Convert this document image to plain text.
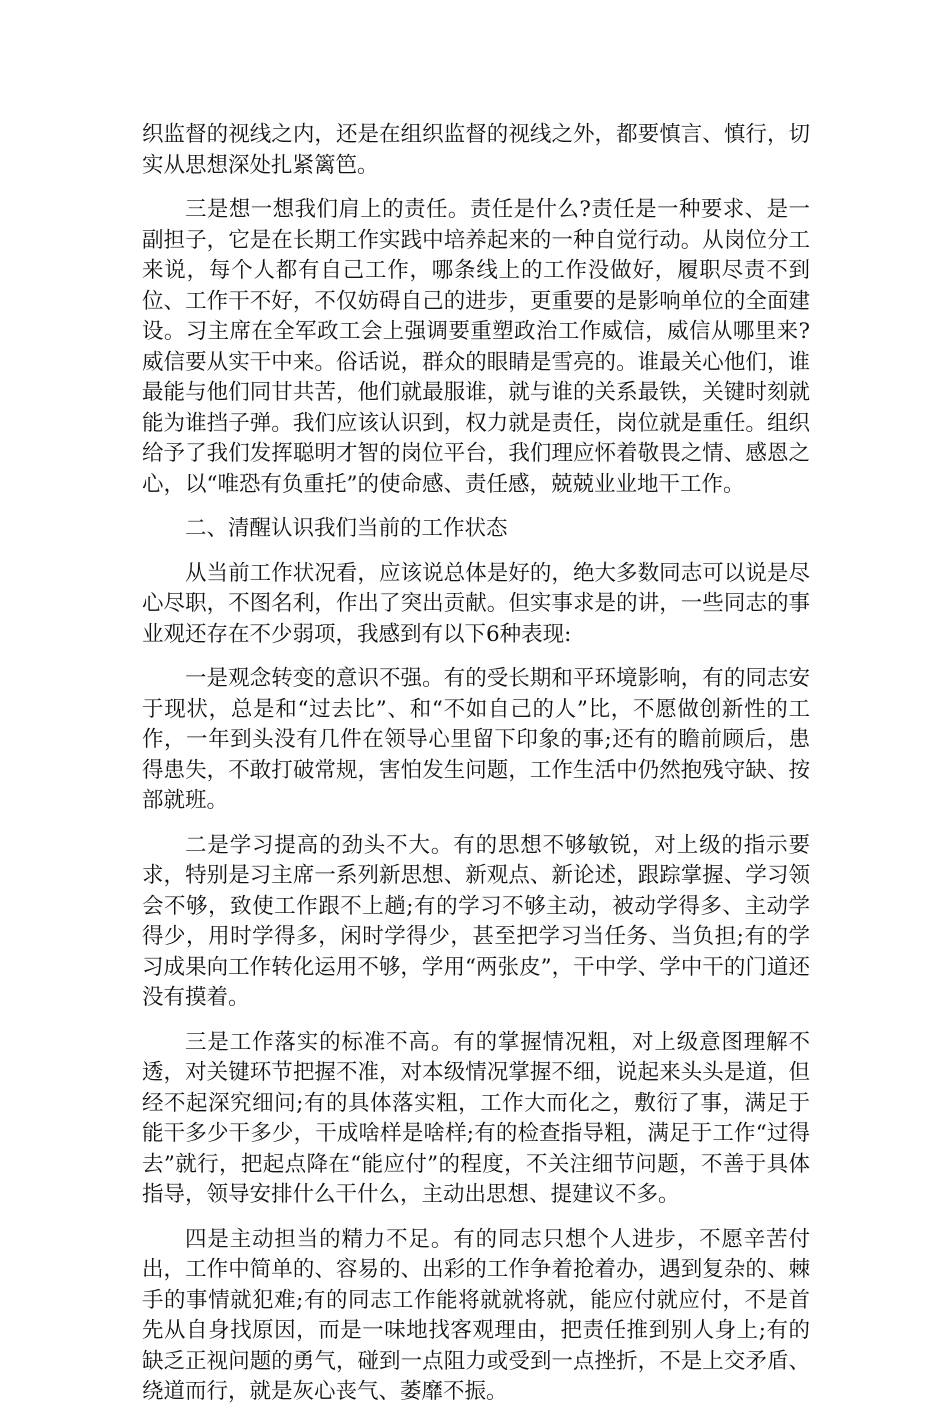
织监督的视线之内，还是在组织监督的视线之外，都要慎言、慎行，切实从思想深处扎紧篱笆。

三是想一想我们肩上的责任。责任是什么?责任是一种要求、是一副担子，它是在长期工作实践中培养起来的一种自觉行动。从岗位分工来说，每个人都有自己工作，哪条线上的工作没做好，履职尽责不到位、工作干不好，不仅妨碍自己的进步，更重要的是影响单位的全面建设。习主席在全军政工会上强调要重塑政治工作威信，威信从哪里来?威信要从实干中来。俗话说，群众的眼睛是雪亮的。谁最关心他们，谁最能与他们同甘共苦，他们就最服谁，就与谁的关系最铁，关键时刻就能为谁挡子弹。我们应该认识到，权力就是责任，岗位就是重任。组织给予了我们发挥聪明才智的岗位平台，我们理应怀着敬畏之情、感恩之心，以“唯恐有负重托”的使命感、责任感，兢兢业业地干工作。

二、清醒认识我们当前的工作状态

从当前工作状况看，应该说总体是好的，绝大多数同志可以说是尽心尽职，不图名利，作出了突出贡献。但实事求是的讲，一些同志的事业观还存在不少弱项，我感到有以下6种表现:

一是观念转变的意识不强。有的受长期和平环境影响，有的同志安于现状，总是和“过去比”、和“不如自己的人”比，不愿做创新性的工作，一年到头没有几件在领导心里留下印象的事;还有的瞻前顾后，患得患失，不敢打破常规，害怕发生问题，工作生活中仍然抱残守缺、按部就班。

二是学习提高的劲头不大。有的思想不够敏锐，对上级的指示要求，特别是习主席一系列新思想、新观点、新论述，跟踪掌握、学习领会不够，致使工作跟不上趟;有的学习不够主动，被动学得多、主动学得少，用时学得多，闲时学得少，甚至把学习当任务、当负担;有的学习成果向工作转化运用不够，学用“两张皮”，干中学、学中干的门道还没有摸着。

三是工作落实的标准不高。有的掌握情况粗，对上级意图理解不透，对关键环节把握不准，对本级情况掌握不细，说起来头头是道，但经不起深究细问;有的具体落实粗，工作大而化之，敷衍了事，满足于能干多少干多少，干成啥样是啥样;有的检查指导粗，满足于工作“过得去”就行，把起点降在“能应付”的程度，不关注细节问题，不善于具体指导，领导安排什么干什么，主动出思想、提建议不多。

四是主动担当的精力不足。有的同志只想个人进步，不愿辛苦付出，工作中简单的、容易的、出彩的工作争着抢着办，遇到复杂的、棘手的事情就犯难;有的同志工作能将就就将就，能应付就应付，不是首先从自身找原因，而是一味地找客观理由，把责任推到别人身上;有的缺乏正视问题的勇气，碰到一点阻力或受到一点挫折，不是上交矛盾、绕道而行，就是灰心丧气、萎靡不振。
